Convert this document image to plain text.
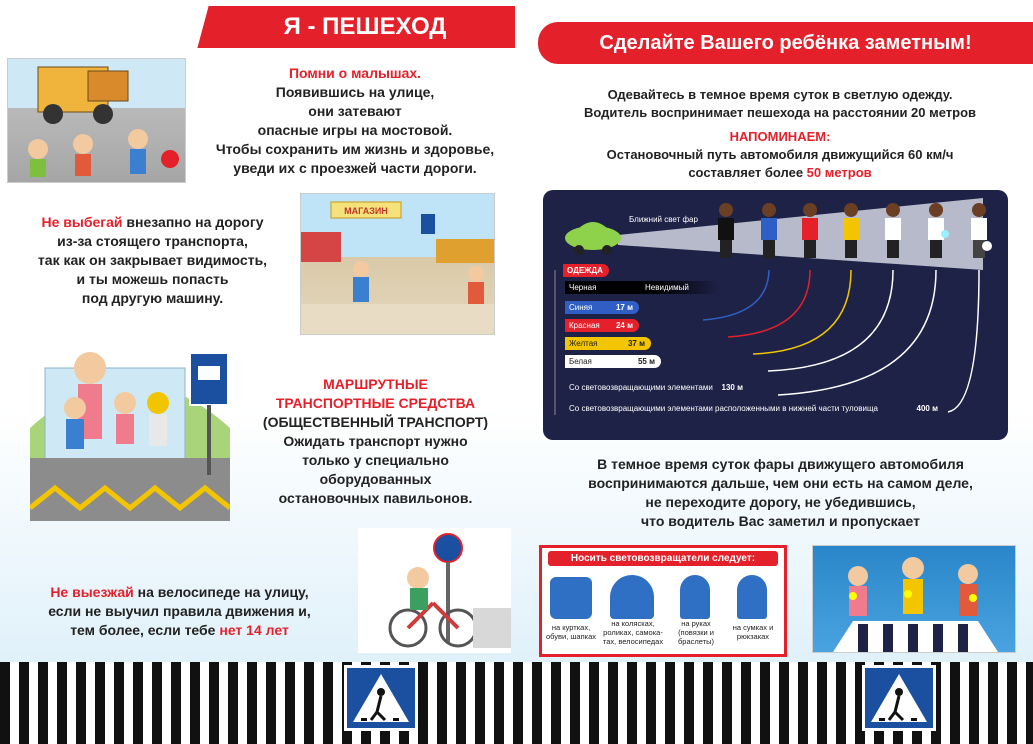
Я - ПЕШЕХОД
Помни о малышах.
Появившись на улице,
они затевают
опасные игры на мостовой.
Чтобы сохранить им жизнь и здоровье,
уведи их с проезжей части дороги.
Не выбегай внезапно на дорогу
из-за стоящего транспорта,
так как он закрывает видимость,
и ты можешь попасть
под другую машину.
МАГАЗИН
МАРШРУТНЫЕ
ТРАНСПОРТНЫЕ СРЕДСТВА
(ОБЩЕСТВЕННЫЙ ТРАНСПОРТ)
Ожидать транспорт нужно
только у специально
оборудованных
остановочных павильонов.
Не выезжай на велосипеде на улицу,
если не выучил правила движения и,
тем более, если тебе нет 14 лет
Сделайте Вашего ребёнка заметным!
Одевайтесь в темное время суток в светлую одежду.
Водитель воспринимает пешехода на расстоянии 20 метров
НАПОМИНАЕМ:
Остановочный путь автомобиля движущийся 60 км/ч
составляет более 50 метров
Ближний свет фар
ОДЕЖДА
Черная	Невидимый
Синяя	17 м
Красная 24 м
Желтая	37 м
Белая	55 м
Со световозвращающими элементами 130 м
Со световозвращающими элементами расположенными в нижней части туловища	400 м
В темное время суток фары движущего автомобиля
воспринимаются дальше, чем они есть на самом деле,
не переходите дорогу, не убедившись,
что водитель Вас заметил и пропускает
Носить световозвращатели следует:
на куртках, обуви, шапках
на колясках, роликах, самока-тах, велосипедах
на руках (повязки и браслеты)
на сумках и рюкзаках
